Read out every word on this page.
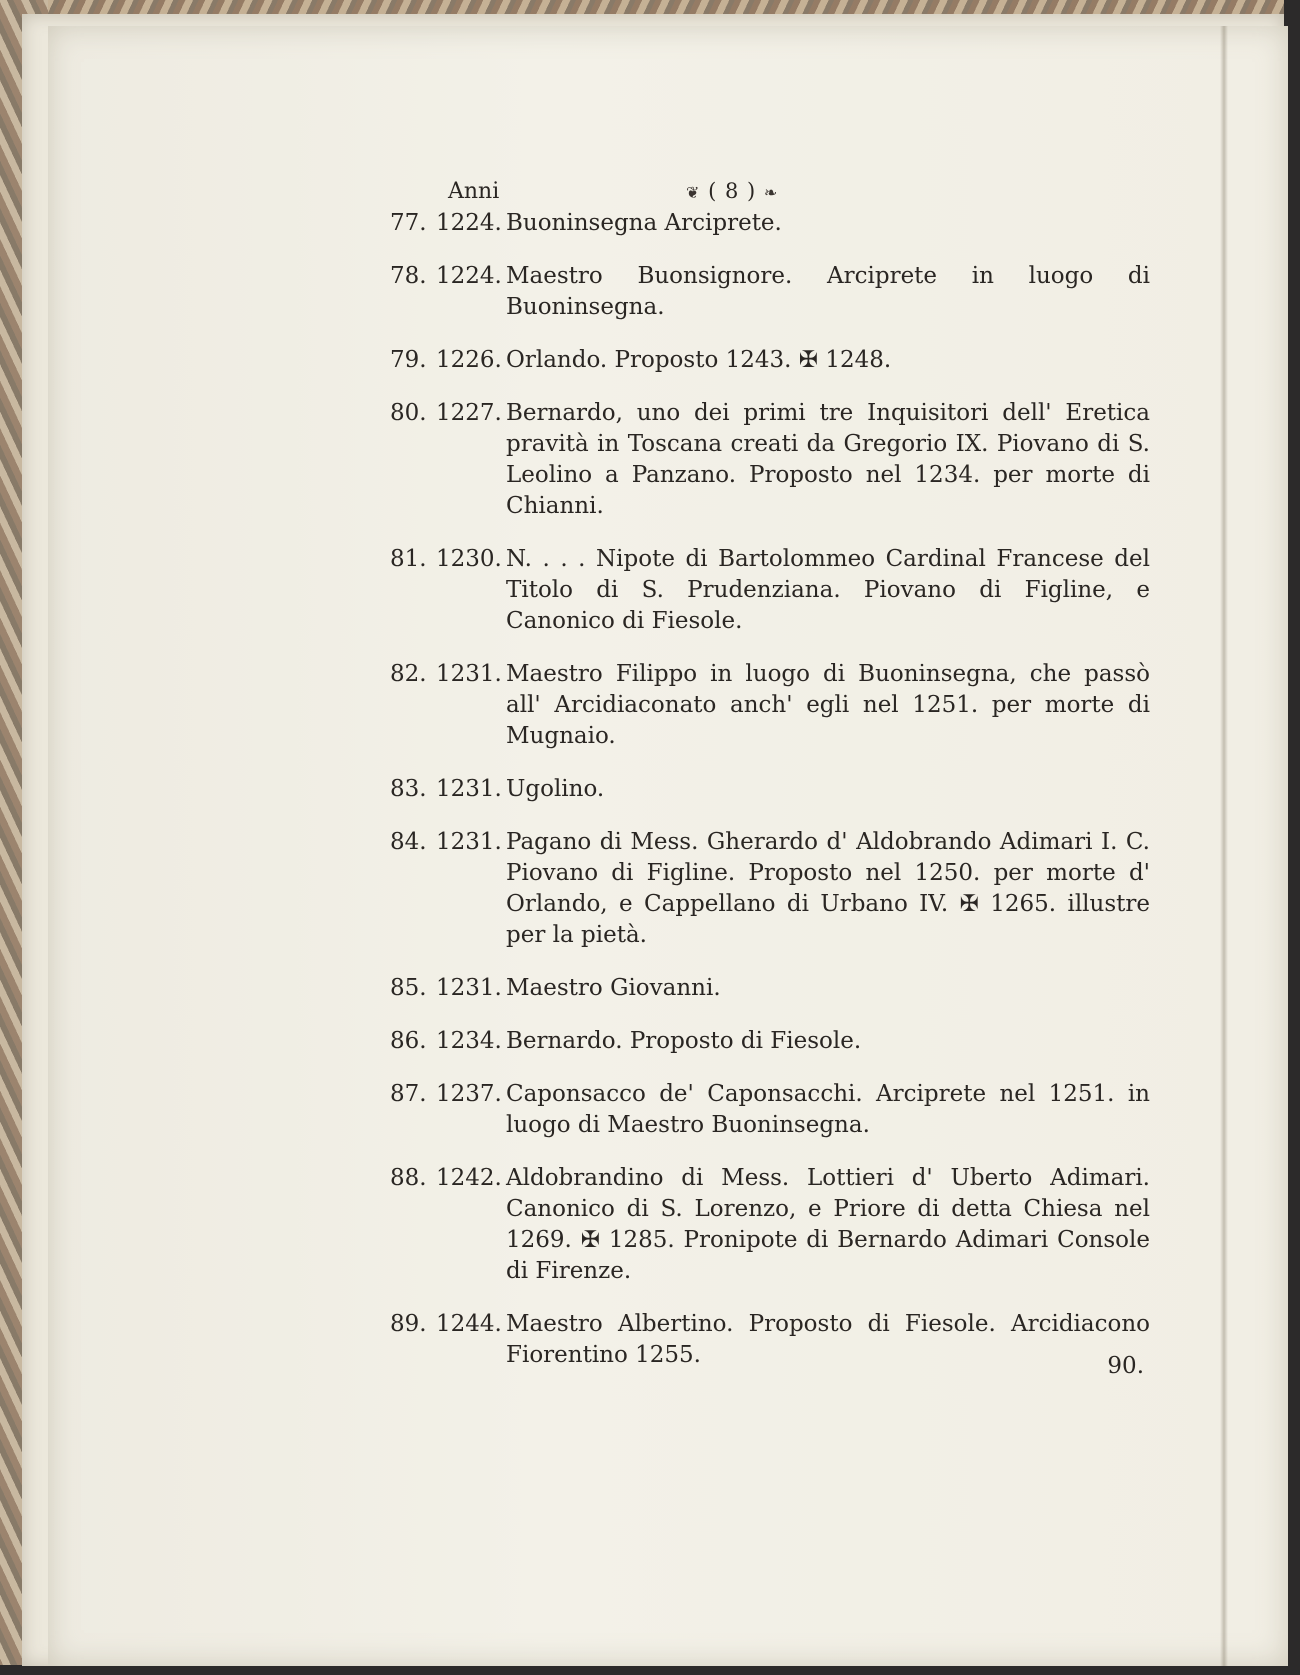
Anni	❦ ( 8 ) ❧
77. 1224. Buoninsegna Arciprete.
78. 1224. Maestro Buonsignore. Arciprete in luogo di Buoninsegna.
79. 1226. Orlando. Proposto 1243. ✠ 1248.
80. 1227. Bernardo, uno dei primi tre Inquisitori dell' Eretica pravità in Toscana creati da Gregorio IX. Piovano di S. Leolino a Panzano. Proposto nel 1234. per morte di Chianni.
81. 1230. N. . . . Nipote di Bartolommeo Cardinal Francese del Titolo di S. Prudenziana. Piovano di Figline, e Canonico di Fiesole.
82. 1231. Maestro Filippo in luogo di Buoninsegna, che passò all' Arcidiaconato anch' egli nel 1251. per morte di Mugnaio.
83. 1231. Ugolino.
84. 1231. Pagano di Mess. Gherardo d' Aldobrando Adimari I. C. Piovano di Figline. Proposto nel 1250. per morte d' Orlando, e Cappellano di Urbano IV. ✠ 1265. illustre per la pietà.
85. 1231. Maestro Giovanni.
86. 1234. Bernardo. Proposto di Fiesole.
87. 1237. Caponsacco de' Caponsacchi. Arciprete nel 1251. in luogo di Maestro Buoninsegna.
88. 1242. Aldobrandino di Mess. Lottieri d' Uberto Adimari. Canonico di S. Lorenzo, e Priore di detta Chiesa nel 1269. ✠ 1285. Pronipote di Bernardo Adimari Console di Firenze.
89. 1244. Maestro Albertino. Proposto di Fiesole. Arcidiacono Fiorentino 1255.	90.
